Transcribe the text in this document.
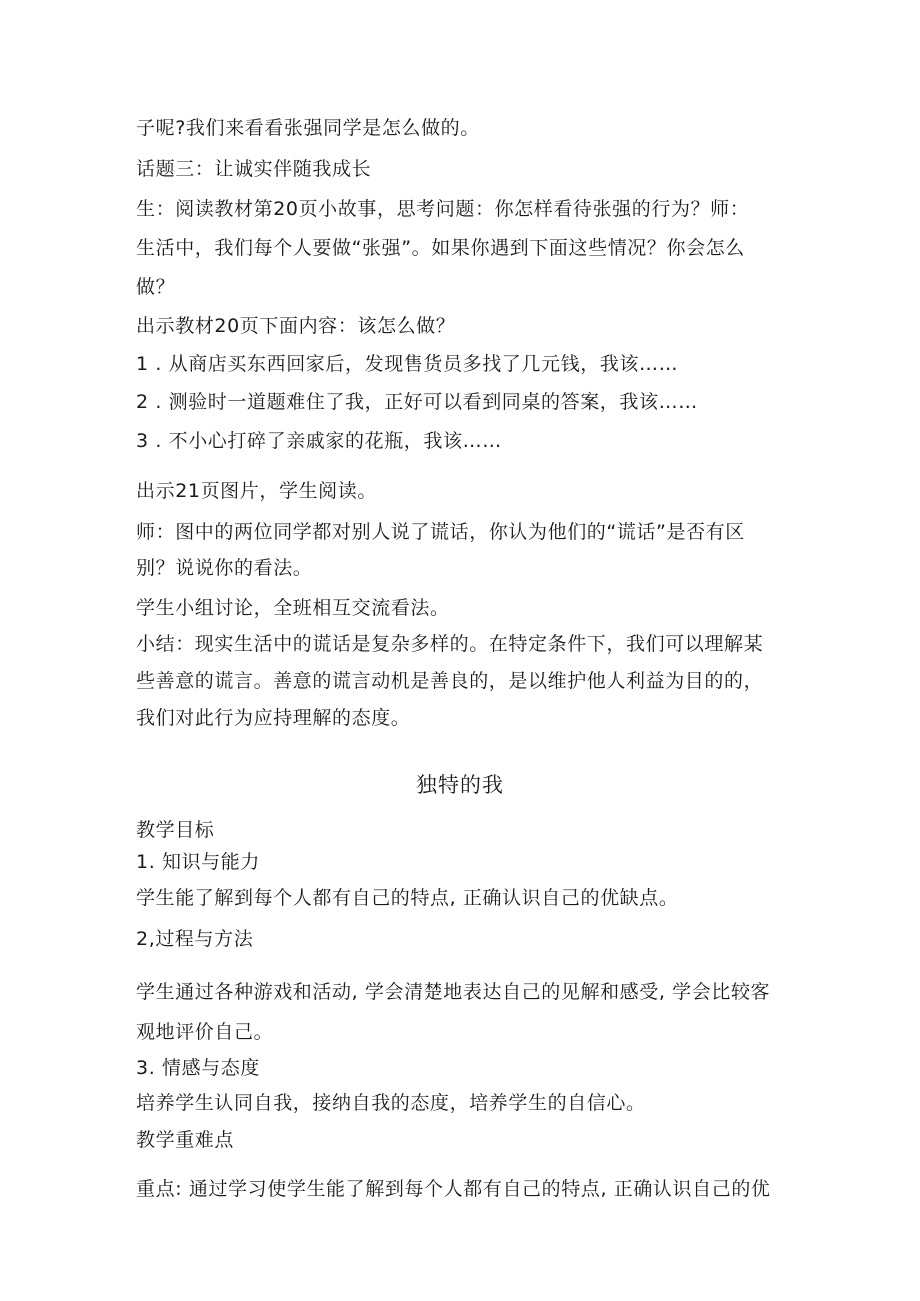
子呢?我们来看看张强同学是怎么做的。
话题三：让诚实伴随我成长
生：阅读教材第20页小故事，思考问题：你怎样看待张强的行为？师：
生活中，我们每个人要做“张强”。如果你遇到下面这些情况？你会怎么
做？
出示教材20页下面内容：该怎么做？
1 . 从商店买东西回家后，发现售货员多找了几元钱，我该……
2 . 测验时一道题难住了我，正好可以看到同桌的答案，我该……
3 . 不小心打碎了亲戚家的花瓶，我该……
出示21页图片，学生阅读。
师：图中的两位同学都对别人说了谎话，你认为他们的“谎话”是否有区
别？说说你的看法。
学生小组讨论，全班相互交流看法。
小结：现实生活中的谎话是复杂多样的。在特定条件下，我们可以理解某
些善意的谎言。善意的谎言动机是善良的，是以维护他人利益为目的的，
我们对此行为应持理解的态度。
独特的我
教学目标
1. 知识与能力
学生能了解到每个人都有自己的特点, 正确认识自己的优缺点。
2,过程与方法
学生通过各种游戏和活动, 学会清楚地表达自己的见解和感受, 学会比较客
观地评价自己。
3. 情感与态度
培养学生认同自我，接纳自我的态度，培养学生的自信心。
教学重难点
重点: 通过学习使学生能了解到每个人都有自己的特点, 正确认识自己的优
